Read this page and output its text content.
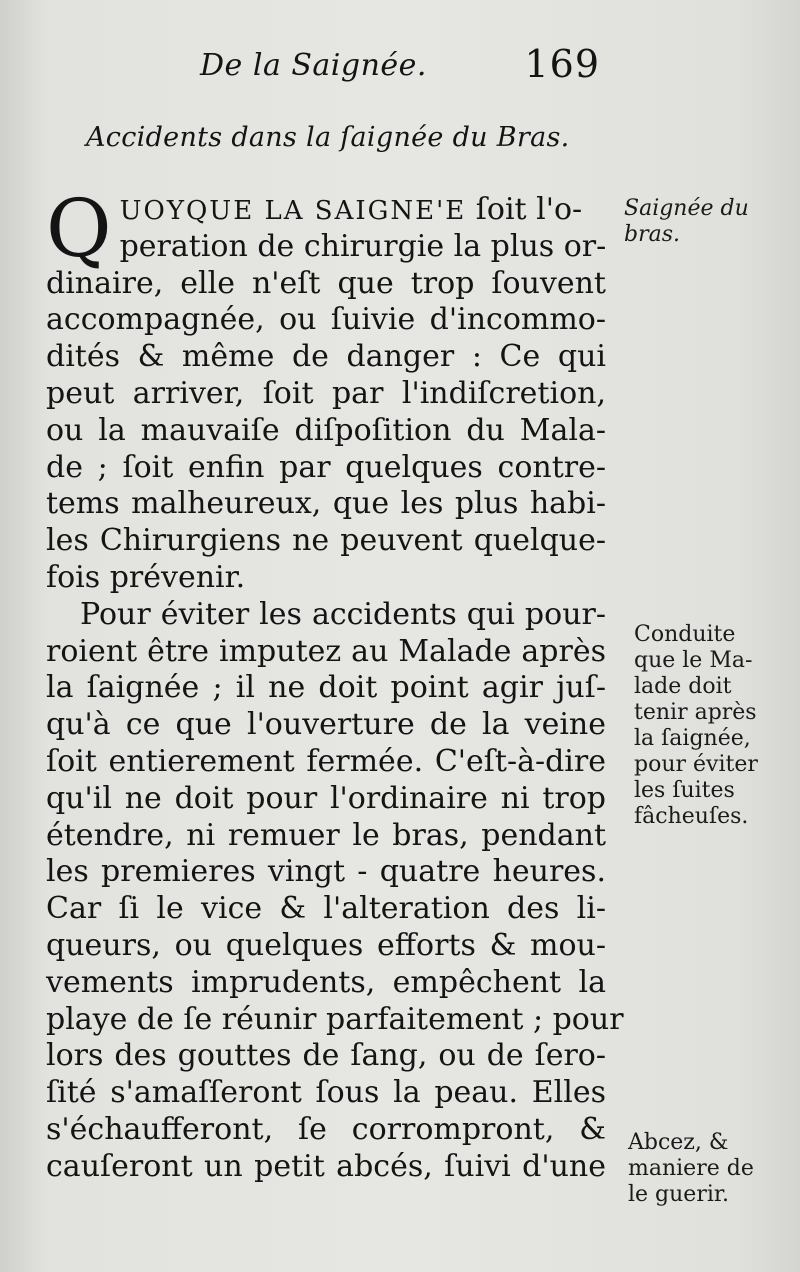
De la Saignée.	169
Accidents dans la ſaignée du Bras.
Q UOYQUE LA SAIGNE'E ſoit l'o-
peration de chirurgie la plus or-
dinaire, elle n'eſt que trop ſouvent
accompagnée, ou ſuivie d'incommo-
dités & même de danger : Ce qui
peut arriver, ſoit par l'indiſcretion,
ou la mauvaiſe diſpoſition du Mala-
de ; ſoit enfin par quelques contre-
tems malheureux, que les plus habi-
les Chirurgiens ne peuvent quelque-
fois prévenir.
Pour éviter les accidents qui pour-
roient être imputez au Malade après
la ſaignée ; il ne doit point agir juſ-
qu'à ce que l'ouverture de la veine
ſoit entierement fermée. C'eſt-à-dire
qu'il ne doit pour l'ordinaire ni trop
étendre, ni remuer le bras, pendant
les premieres vingt - quatre heures.
Car ſi le vice & l'alteration des li-
queurs, ou quelques efforts & mou-
vements imprudents, empêchent la
playe de ſe réunir parfaitement ; pour
lors des gouttes de ſang, ou de ſero-
ſité s'amaſſeront ſous la peau. Elles
s'échaufferont, ſe corrompront, &
cauſeront un petit abcés, ſuivi d'une
Saignée du
bras.
Conduite
que le Ma-
lade doit
tenir après
la ſaignée,
pour éviter
les ſuites
fâcheuſes.
Abcez, &
maniere de
le guerir.
